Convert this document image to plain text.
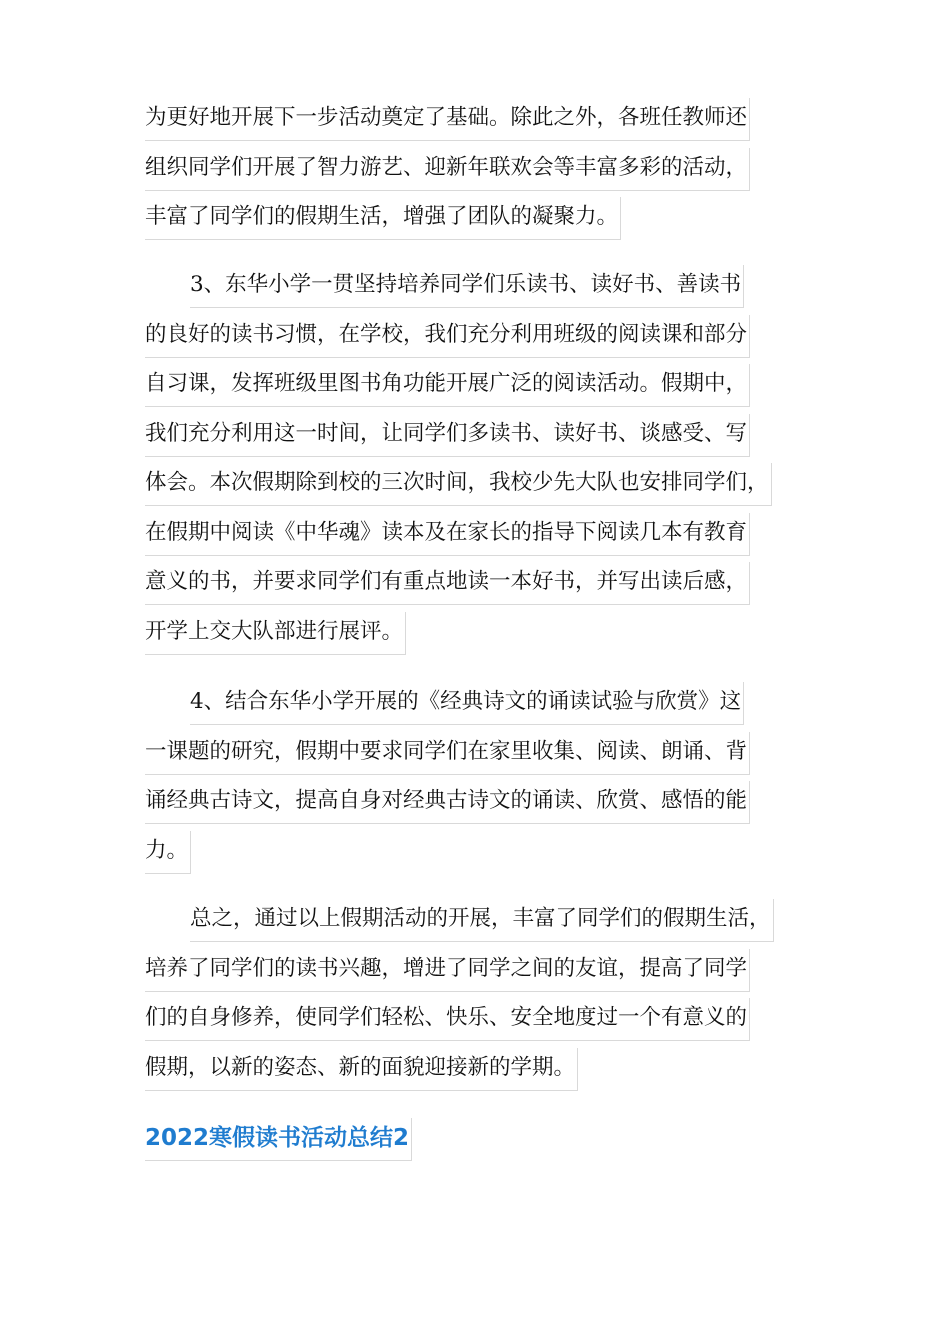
为更好地开展下一步活动奠定了基础。除此之外，各班任教师还
组织同学们开展了智力游艺、迎新年联欢会等丰富多彩的活动，
丰富了同学们的假期生活，增强了团队的凝聚力。
3、东华小学一贯坚持培养同学们乐读书、读好书、善读书
的良好的读书习惯，在学校，我们充分利用班级的阅读课和部分
自习课，发挥班级里图书角功能开展广泛的阅读活动。假期中，
我们充分利用这一时间，让同学们多读书、读好书、谈感受、写
体会。本次假期除到校的三次时间，我校少先大队也安排同学们，
在假期中阅读《中华魂》读本及在家长的指导下阅读几本有教育
意义的书，并要求同学们有重点地读一本好书，并写出读后感，
开学上交大队部进行展评。
4、结合东华小学开展的《经典诗文的诵读试验与欣赏》这
一课题的研究，假期中要求同学们在家里收集、阅读、朗诵、背
诵经典古诗文，提高自身对经典古诗文的诵读、欣赏、感悟的能
力。
总之，通过以上假期活动的开展，丰富了同学们的假期生活，
培养了同学们的读书兴趣，增进了同学之间的友谊，提高了同学
们的自身修养，使同学们轻松、快乐、安全地度过一个有意义的
假期，以新的姿态、新的面貌迎接新的学期。
2022寒假读书活动总结2
